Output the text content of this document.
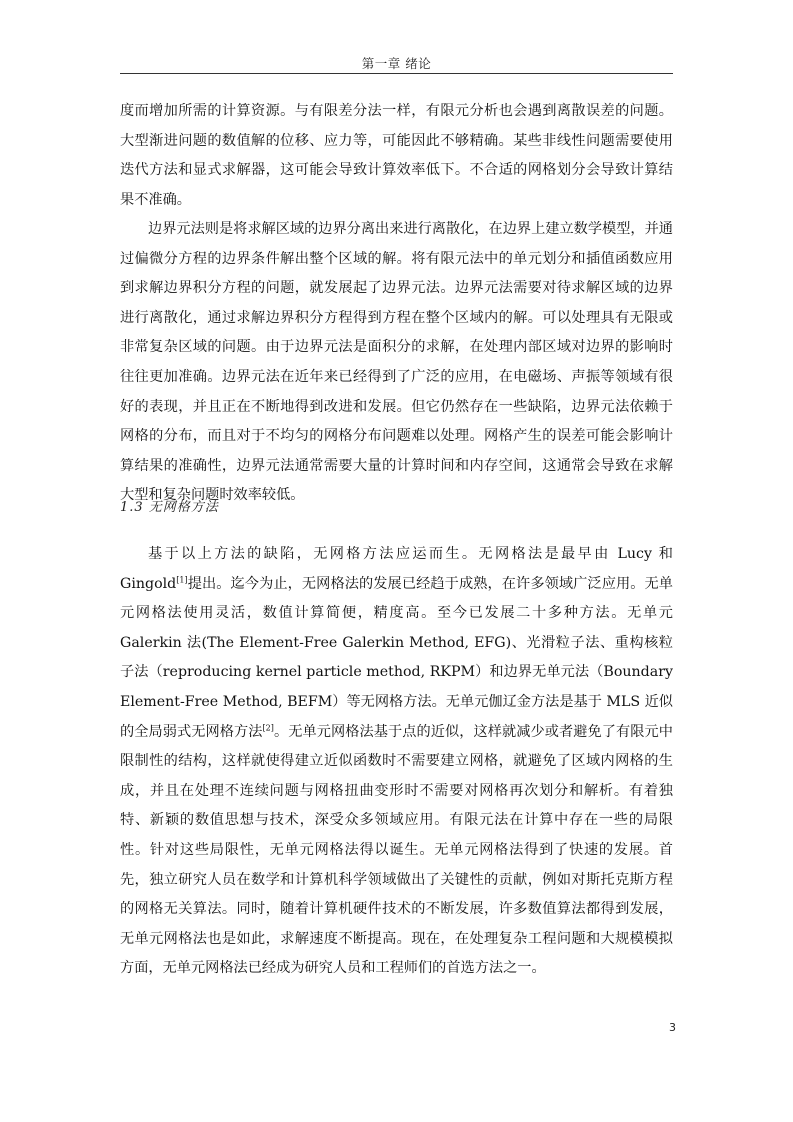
第一章 绪论

度而增加所需的计算资源。与有限差分法一样，有限元分析也会遇到离散误差的问题。大型渐进问题的数值解的位移、应力等，可能因此不够精确。某些非线性问题需要使用迭代方法和显式求解器，这可能会导致计算效率低下。不合适的网格划分会导致计算结果不准确。

边界元法则是将求解区域的边界分离出来进行离散化，在边界上建立数学模型，并通过偏微分方程的边界条件解出整个区域的解。将有限元法中的单元划分和插值函数应用到求解边界积分方程的问题，就发展起了边界元法。边界元法需要对待求解区域的边界进行离散化，通过求解边界积分方程得到方程在整个区域内的解。可以处理具有无限或非常复杂区域的问题。由于边界元法是面积分的求解，在处理内部区域对边界的影响时往往更加准确。边界元法在近年来已经得到了广泛的应用，在电磁场、声振等领域有很好的表现，并且正在不断地得到改进和发展。但它仍然存在一些缺陷，边界元法依赖于网格的分布，而且对于不均匀的网格分布问题难以处理。网格产生的误差可能会影响计算结果的准确性，边界元法通常需要大量的计算时间和内存空间，这通常会导致在求解大型和复杂问题时效率较低。

1.3 无网格方法

基于以上方法的缺陷，无网格方法应运而生。无网格法是最早由 Lucy 和 Gingold[1]提出。迄今为止，无网格法的发展已经趋于成熟，在许多领域广泛应用。无单元网格法使用灵活，数值计算简便，精度高。至今已发展二十多种方法。无单元 Galerkin 法(The Element-Free Galerkin Method, EFG)、光滑粒子法、重构核粒子法（reproducing kernel particle method, RKPM）和边界无单元法（Boundary Element-Free Method, BEFM）等无网格方法。无单元伽辽金方法是基于 MLS 近似的全局弱式无网格方法[2]。无单元网格法基于点的近似，这样就减少或者避免了有限元中限制性的结构，这样就使得建立近似函数时不需要建立网格，就避免了区域内网格的生成，并且在处理不连续问题与网格扭曲变形时不需要对网格再次划分和解析。有着独特、新颖的数值思想与技术，深受众多领域应用。有限元法在计算中存在一些的局限性。针对这些局限性，无单元网格法得以诞生。无单元网格法得到了快速的发展。首先，独立研究人员在数学和计算机科学领域做出了关键性的贡献，例如对斯托克斯方程的网格无关算法。同时，随着计算机硬件技术的不断发展，许多数值算法都得到发展，无单元网格法也是如此，求解速度不断提高。现在，在处理复杂工程问题和大规模模拟方面，无单元网格法已经成为研究人员和工程师们的首选方法之一。

3
